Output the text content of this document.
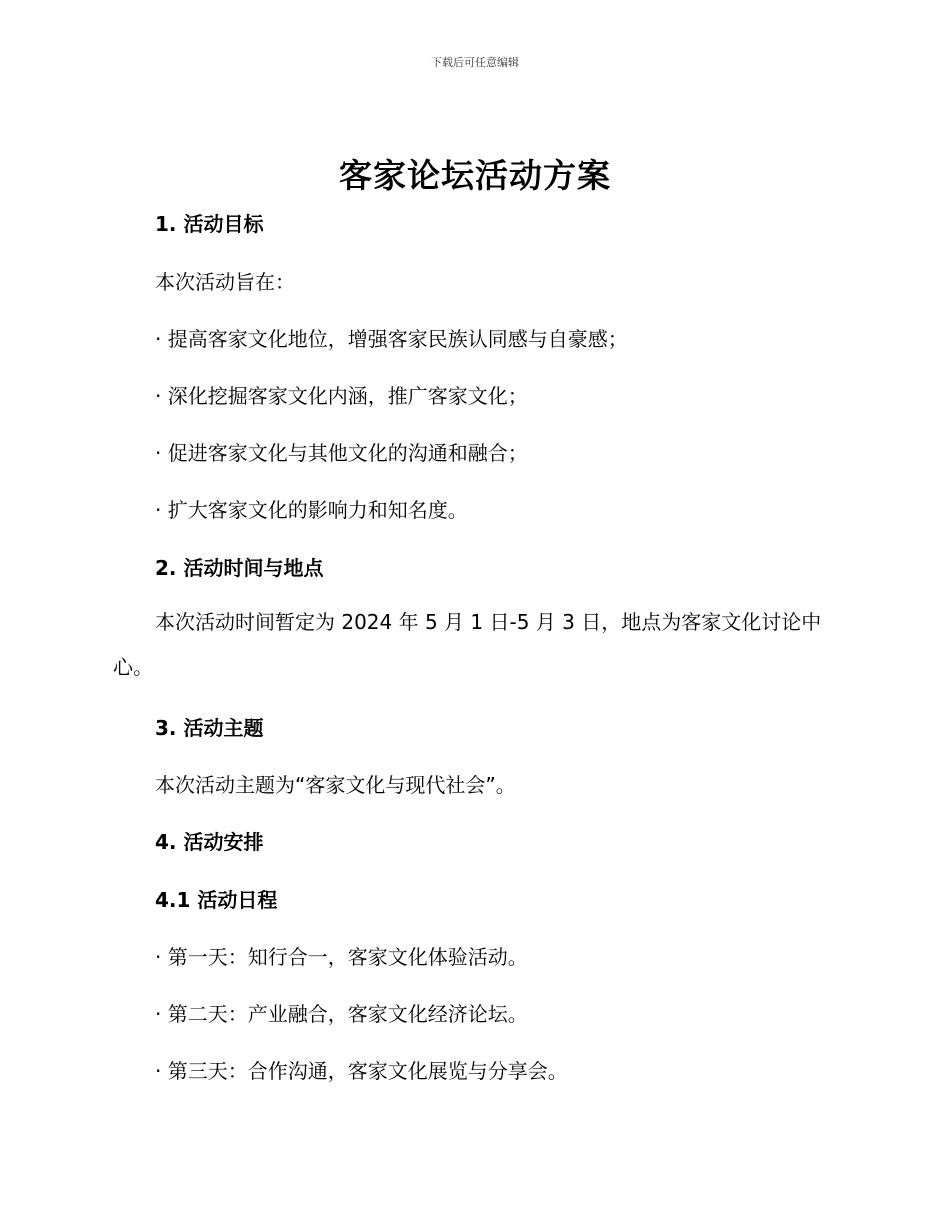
下载后可任意编辑
客家论坛活动方案
1. 活动目标
本次活动旨在：
· 提高客家文化地位，增强客家民族认同感与自豪感；
· 深化挖掘客家文化内涵，推广客家文化；
· 促进客家文化与其他文化的沟通和融合；
· 扩大客家文化的影响力和知名度。
2. 活动时间与地点
本次活动时间暂定为 2024 年 5 月 1 日-5 月 3 日，地点为客家文化讨论中心。
3. 活动主题
本次活动主题为“客家文化与现代社会”。
4. 活动安排
4.1 活动日程
· 第一天：知行合一，客家文化体验活动。
· 第二天：产业融合，客家文化经济论坛。
· 第三天：合作沟通，客家文化展览与分享会。
